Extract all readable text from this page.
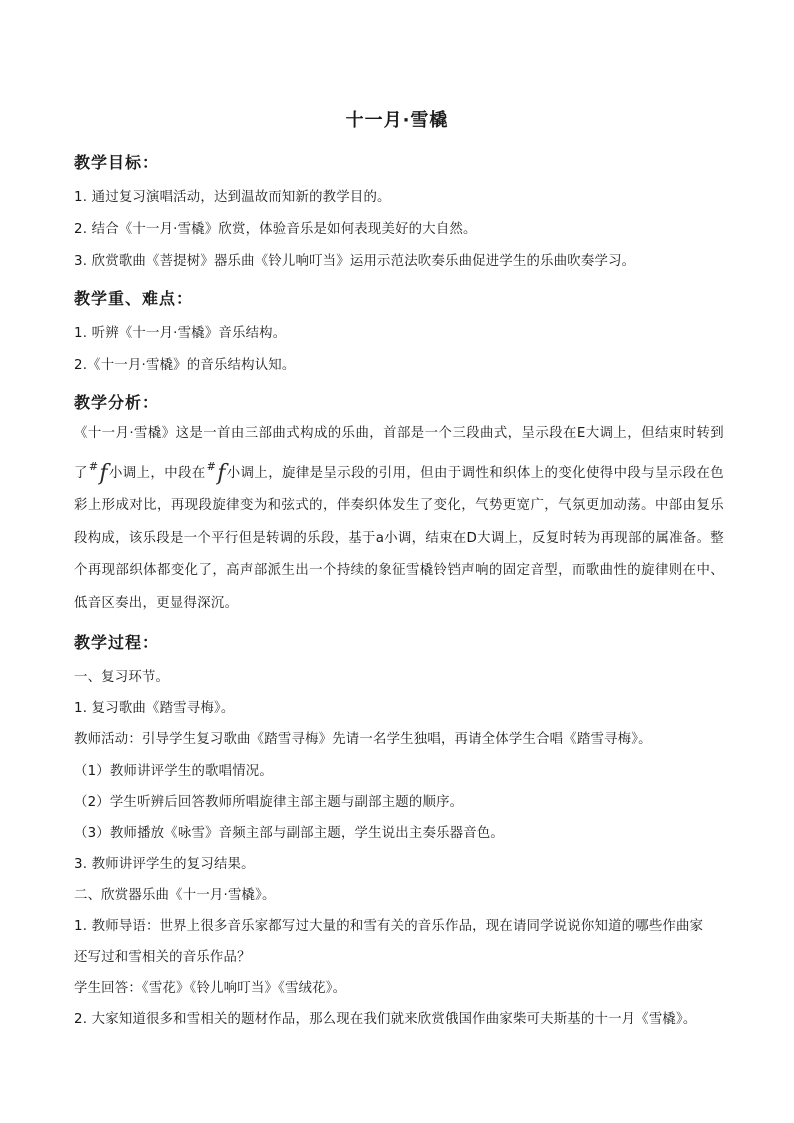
十一月·雪橇
教学目标：
1. 通过复习演唱活动，达到温故而知新的教学目的。
2. 结合《十一月·雪橇》欣赏，体验音乐是如何表现美好的大自然。
3. 欣赏歌曲《菩提树》器乐曲《铃儿响叮当》运用示范法吹奏乐曲促进学生的乐曲吹奏学习。
教学重、难点：
1. 听辨《十一月·雪橇》音乐结构。
2.《十一月·雪橇》的音乐结构认知。
教学分析：
《十一月·雪橇》这是一首由三部曲式构成的乐曲，首部是一个三段曲式，呈示段在E大调上，但结束时转到了#f小调上，中段在#f小调上，旋律是呈示段的引用，但由于调性和织体上的变化使得中段与呈示段在色彩上形成对比，再现段旋律变为和弦式的，伴奏织体发生了变化，气势更宽广，气氛更加动荡。中部由复乐段构成，该乐段是一个平行但是转调的乐段，基于a小调，结束在D大调上，反复时转为再现部的属准备。整个再现部织体都变化了，高声部派生出一个持续的象征雪橇铃铛声响的固定音型，而歌曲性的旋律则在中、低音区奏出，更显得深沉。
教学过程：
一、复习环节。
1. 复习歌曲《踏雪寻梅》。
教师活动：引导学生复习歌曲《踏雪寻梅》先请一名学生独唱，再请全体学生合唱《踏雪寻梅》。
（1）教师讲评学生的歌唱情况。
（2）学生听辨后回答教师所唱旋律主部主题与副部主题的顺序。
（3）教师播放《咏雪》音频主部与副部主题，学生说出主奏乐器音色。
3. 教师讲评学生的复习结果。
二、欣赏器乐曲《十一月·雪橇》。
1. 教师导语：世界上很多音乐家都写过大量的和雪有关的音乐作品，现在请同学说说你知道的哪些作曲家
还写过和雪相关的音乐作品？
学生回答：《雪花》《铃儿响叮当》《雪绒花》。
2. 大家知道很多和雪相关的题材作品，那么现在我们就来欣赏俄国作曲家柴可夫斯基的十一月《雪橇》。
